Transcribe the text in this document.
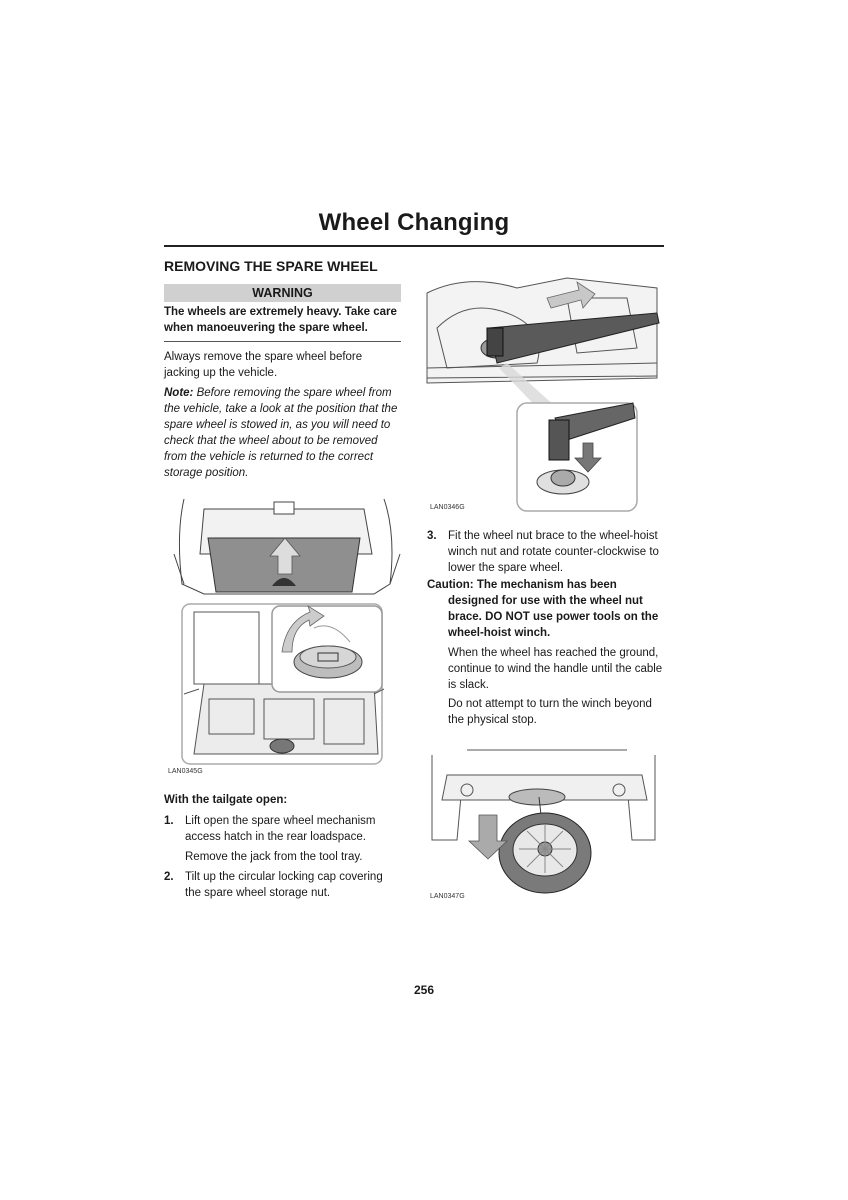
Wheel Changing
REMOVING THE SPARE WHEEL
WARNING
The wheels are extremely heavy. Take care when manoeuvering the spare wheel.
Always remove the spare wheel before jacking up the vehicle.
Note: Before removing the spare wheel from the vehicle, take a look at the position that the spare wheel is stowed in, as you will need to check that the wheel about to be removed from the vehicle is returned to the correct storage position.
LAN0345G
With the tailgate open:
1. Lift open the spare wheel mechanism access hatch in the rear loadspace.
Remove the jack from the tool tray.
2. Tilt up the circular locking cap covering the spare wheel storage nut.
LAN0346G
3. Fit the wheel nut brace to the wheel-hoist winch nut and rotate counter-clockwise to lower the spare wheel.
Caution: The mechanism has been designed for use with the wheel nut brace. DO NOT use power tools on the wheel-hoist winch.
When the wheel has reached the ground, continue to wind the handle until the cable is slack.
Do not attempt to turn the winch beyond the physical stop.
LAN0347G
256
